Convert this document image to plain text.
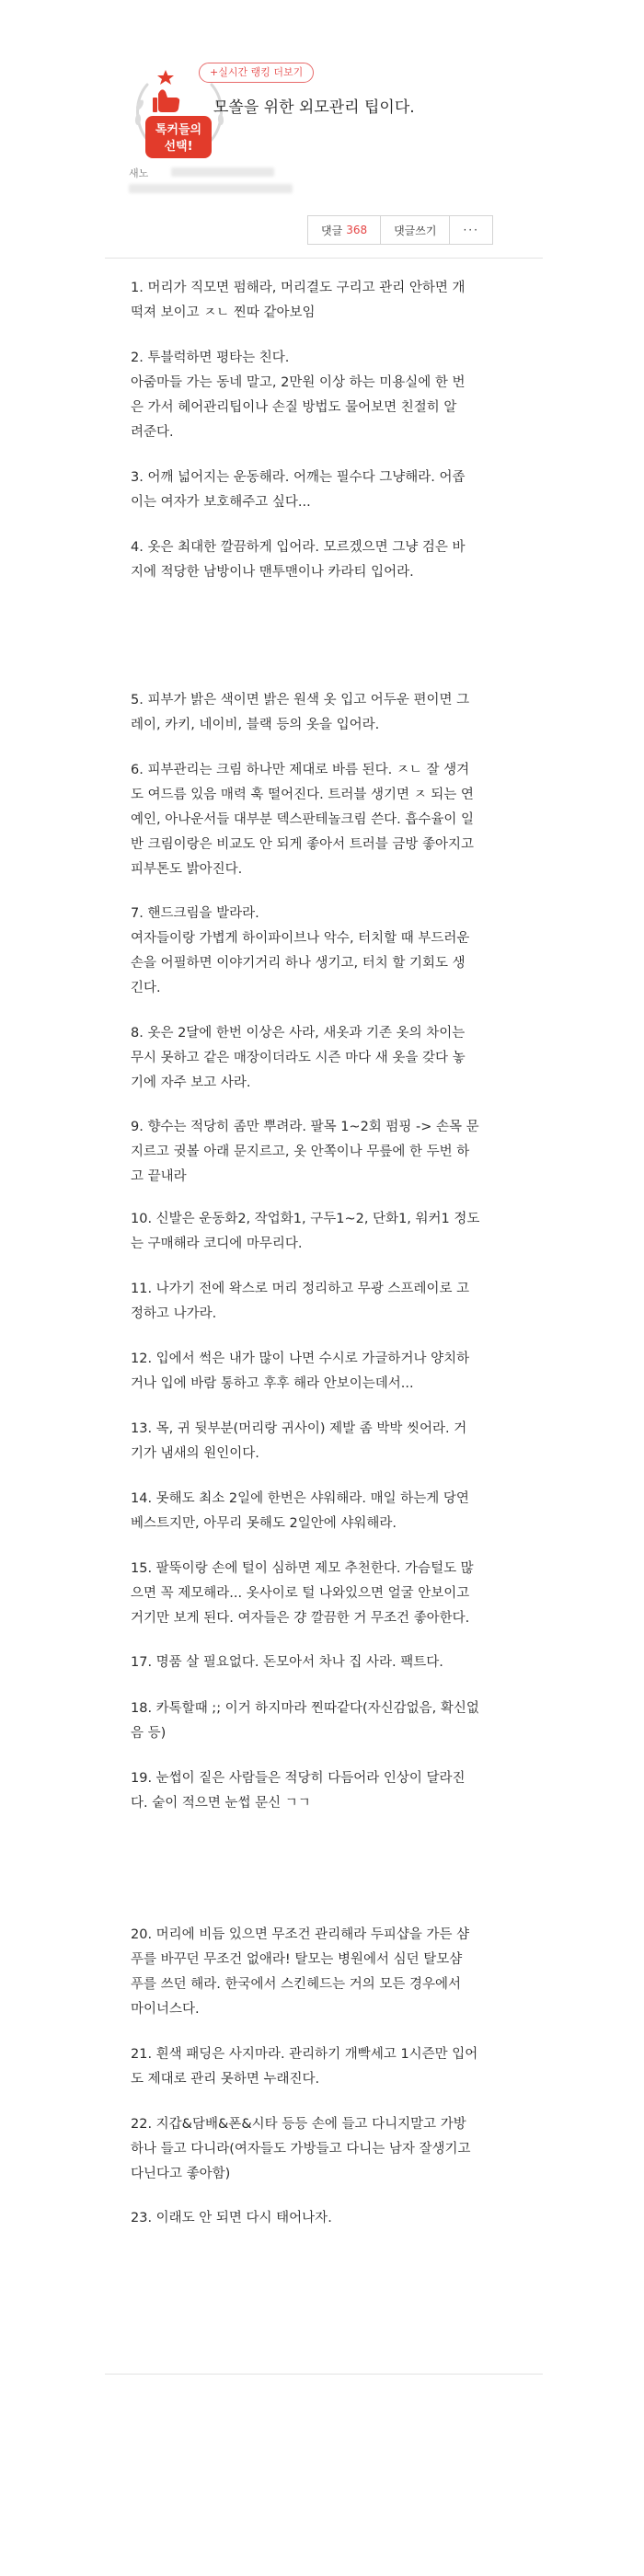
톡커들의
선택!
+실시간 랭킹 더보기
모쏠을 위한 외모관리 팁이다.
새노
댓글 368	댓글쓰기	···
1. 머리가 직모면 펌해라, 머리결도 구리고 관리 안하면 개
떡져 보이고 ㅈㄴ 찐따 같아보임
2. 투블럭하면 평타는 친다.
아줌마들 가는 동네 말고, 2만원 이상 하는 미용실에 한 번
은 가서 헤어관리팁이나 손질 방법도 물어보면 친절히 알
려준다.
3. 어깨 넓어지는 운동해라. 어깨는 필수다 그냥해라. 어좁
이는 여자가 보호해주고 싶다...
4. 옷은 최대한 깔끔하게 입어라. 모르겠으면 그냥 검은 바
지에 적당한 남방이나 맨투맨이나 카라티 입어라.
5. 피부가 밝은 색이면 밝은 원색 옷 입고 어두운 편이면 그
레이, 카키, 네이비, 블랙 등의 옷을 입어라.
6. 피부관리는 크림 하나만 제대로 바름 된다. ㅈㄴ 잘 생겨
도 여드름 있음 매력 훅 떨어진다. 트러블 생기면 ㅈ 되는 연
예인, 아나운서들 대부분 덱스판테놀크림 쓴다. 흡수율이 일
반 크림이랑은 비교도 안 되게 좋아서 트러블 금방 좋아지고
피부톤도 밝아진다.
7. 핸드크림을 발라라.
여자들이랑 가볍게 하이파이브나 악수, 터치할 때 부드러운
손을 어필하면 이야기거리 하나 생기고, 터치 할 기회도 생
긴다.
8. 옷은 2달에 한번 이상은 사라, 새옷과 기존 옷의 차이는
무시 못하고 같은 매장이더라도 시즌 마다 새 옷을 갖다 놓
기에 자주 보고 사라.
9. 향수는 적당히 좀만 뿌려라. 팔목 1~2회 펌핑 -> 손목 문
지르고 귓볼 아래 문지르고, 옷 안쪽이나 무릎에 한 두번 하
고 끝내라
10. 신발은 운동화2, 작업화1, 구두1~2, 단화1, 워커1 정도
는 구매해라 코디에 마무리다.
11. 나가기 전에 왁스로 머리 정리하고 무광 스프레이로 고
정하고 나가라.
12. 입에서 썩은 내가 많이 나면 수시로 가글하거나 양치하
거나 입에 바람 통하고 후후 해라 안보이는데서...
13. 목, 귀 뒷부분(머리랑 귀사이) 제발 좀 박박 씻어라. 거
기가 냄새의 원인이다.
14. 못해도 최소 2일에 한번은 샤워해라. 매일 하는게 당연
베스트지만, 아무리 못해도 2일안에 샤워해라.
15. 팔뚝이랑 손에 털이 심하면 제모 추천한다. 가슴털도 많
으면 꼭 제모해라... 옷사이로 털 나와있으면 얼굴 안보이고
거기만 보게 된다. 여자들은 걍 깔끔한 거 무조건 좋아한다.
17. 명품 살 필요없다. 돈모아서 차나 집 사라. 팩트다.
18. 카톡할때 ;; 이거 하지마라 찐따같다(자신감없음, 확신없
음 등)
19. 눈썹이 짙은 사람들은 적당히 다듬어라 인상이 달라진
다. 숱이 적으면 눈썹 문신 ㄱㄱ
20. 머리에 비듬 있으면 무조건 관리해라 두피샵을 가든 샴
푸를 바꾸던 무조건 없애라! 탈모는 병원에서 심던 탈모샴
푸를 쓰던 해라. 한국에서 스킨헤드는 거의 모든 경우에서
마이너스다.
21. 흰색 패딩은 사지마라. 관리하기 개빡세고 1시즌만 입어
도 제대로 관리 못하면 누래진다.
22. 지갑&담배&폰&시타 등등 손에 들고 다니지말고 가방
하나 들고 다니라(여자들도 가방들고 다니는 남자 잘생기고
다닌다고 좋아함)
23. 이래도 안 되면 다시 태어나자.
